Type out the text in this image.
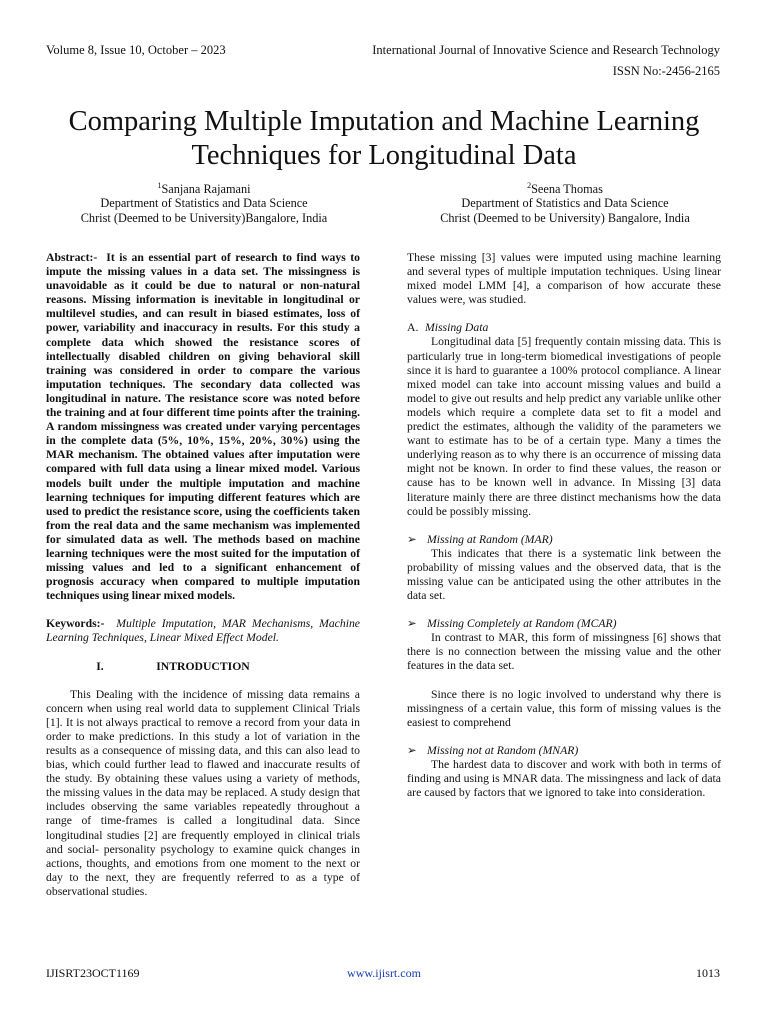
Volume 8, Issue 10, October – 2023	International Journal of Innovative Science and Research Technology
ISSN No:-2456-2165
Comparing Multiple Imputation and Machine Learning Techniques for Longitudinal Data
$^1$Sanjana Rajamani
Department of Statistics and Data Science
Christ (Deemed to be University)Bangalore, India
$^2$Seena Thomas
Department of Statistics and Data Science
Christ (Deemed to be University) Bangalore, India

Abstract:- It is an essential part of research to find ways to impute the missing values in a data set. The missingness is unavoidable as it could be due to natural or non-natural reasons. Missing information is inevitable in longitudinal or multilevel studies, and can result in biased estimates, loss of power, variability and inaccuracy in results. For this study a complete data which showed the resistance scores of intellectually disabled children on giving behavioral skill training was considered in order to compare the various imputation techniques. The secondary data collected was longitudinal in nature. The resistance score was noted before the training and at four different time points after the training. A random missingness was created under varying percentages in the complete data (5%, 10%, 15%, 20%, 30%) using the MAR mechanism. The obtained values after imputation were compared with full data using a linear mixed model. Various models built under the multiple imputation and machine learning techniques for imputing different features which are used to predict the resistance score, using the coefficients taken from the real data and the same mechanism was implemented for simulated data as well. The methods based on machine learning techniques were the most suited for the imputation of missing values and led to a significant enhancement of prognosis accuracy when compared to multiple imputation techniques using linear mixed models.

Keywords:- Multiple Imputation, MAR Mechanisms, Machine Learning Techniques, Linear Mixed Effect Model.

I.	INTRODUCTION

This Dealing with the incidence of missing data remains a concern when using real world data to supplement Clinical Trials [1]. It is not always practical to remove a record from your data in order to make predictions. In this study a lot of variation in the results as a consequence of missing data, and this can also lead to bias, which could further lead to flawed and inaccurate results of the study. By obtaining these values using a variety of methods, the missing values in the data may be replaced. A study design that includes observing the same variables repeatedly throughout a range of time-frames is called a longitudinal data. Since longitudinal studies [2] are frequently employed in clinical trials and social- personality psychology to examine quick changes in actions, thoughts, and emotions from one moment to the next or day to the next, they are frequently referred to as a type of observational studies.

These missing [3] values were imputed using machine learning and several types of multiple imputation techniques. Using linear mixed model LMM [4], a comparison of how accurate these values were, was studied.

A. Missing Data

Longitudinal data [5] frequently contain missing data. This is particularly true in long-term biomedical investigations of people since it is hard to guarantee a 100% protocol compliance. A linear mixed model can take into account missing values and build a model to give out results and help predict any variable unlike other models which require a complete data set to fit a model and predict the estimates, although the validity of the parameters we want to estimate has to be of a certain type. Many a times the underlying reason as to why there is an occurrence of missing data might not be known. In order to find these values, the reason or cause has to be known well in advance. In Missing [3] data literature mainly there are three distinct mechanisms how the data could be possibly missing.

➢ Missing at Random (MAR)

This indicates that there is a systematic link between the probability of missing values and the observed data, that is the missing value can be anticipated using the other attributes in the data set.

➢ Missing Completely at Random (MCAR)

In contrast to MAR, this form of missingness [6] shows that there is no connection between the missing value and the other features in the data set.

Since there is no logic involved to understand why there is missingness of a certain value, this form of missing values is the easiest to comprehend

➢ Missing not at Random (MNAR)

The hardest data to discover and work with both in terms of finding and using is MNAR data. The missingness and lack of data are caused by factors that we ignored to take into consideration.

IJISRT23OCT1169	www.ijisrt.com	1013
